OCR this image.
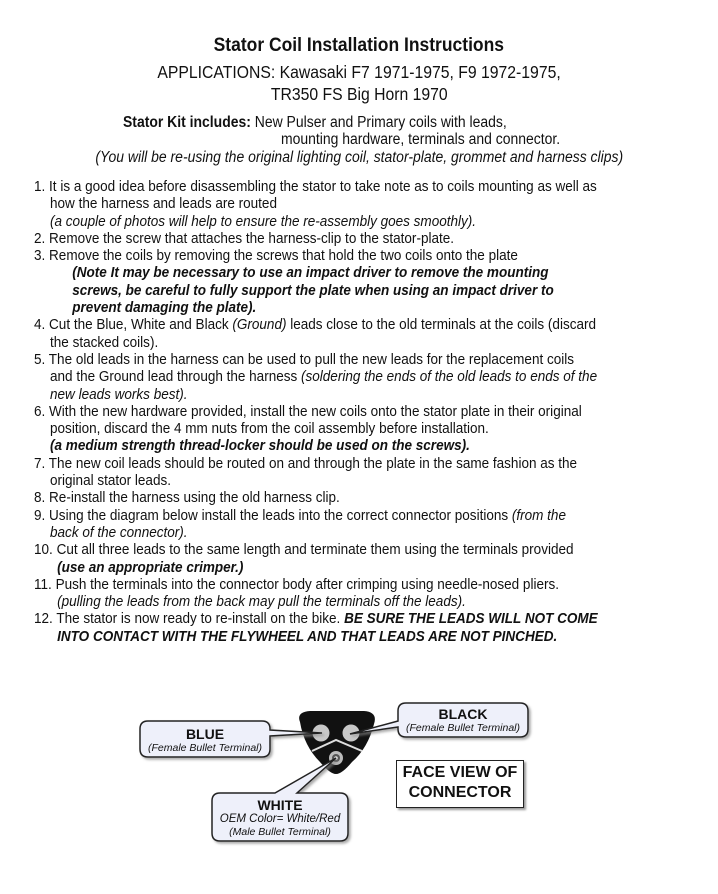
Stator Coil Installation Instructions
APPLICATIONS: Kawasaki F7 1971-1975, F9 1972-1975,
TR350 FS Big Horn 1970
Stator Kit includes: New Pulser and Primary coils with leads,
mounting hardware, terminals and connector.
(You will be re-using the original lighting coil, stator-plate, grommet and harness clips)
1. It is a good idea before disassembling the stator to take note as to coils mounting as well as
how the harness and leads are routed
(a couple of photos will help to ensure the re-assembly goes smoothly).
2. Remove the screw that attaches the harness-clip to the stator-plate.
3. Remove the coils by removing the screws that hold the two coils onto the plate
(Note It may be necessary to use an impact driver to remove the mounting
screws, be careful to fully support the plate when using an impact driver to
prevent damaging the plate).
4. Cut the Blue, White and Black (Ground) leads close to the old terminals at the coils (discard
the stacked coils).
5. The old leads in the harness can be used to pull the new leads for the replacement coils
and the Ground lead through the harness (soldering the ends of the old leads to ends of the
new leads works best).
6. With the new hardware provided, install the new coils onto the stator plate in their original
position, discard the 4 mm nuts from the coil assembly before installation.
(a medium strength thread-locker should be used on the screws).
7. The new coil leads should be routed on and through the plate in the same fashion as the
original stator leads.
8. Re-install the harness using the old harness clip.
9. Using the diagram below install the leads into the correct connector positions (from the
back of the connector).
10. Cut all three leads to the same length and terminate them using the terminals provided
(use an appropriate crimper.)
11. Push the terminals into the connector body after crimping using needle-nosed pliers.
(pulling the leads from the back may pull the terminals off the leads).
12. The stator is now ready to re-install on the bike. BE SURE THE LEADS WILL NOT COME
INTO CONTACT WITH THE FLYWHEEL AND THAT LEADS ARE NOT PINCHED.
BLUE
(Female Bullet Terminal)
BLACK
(Female Bullet Terminal)
WHITE
OEM Color= White/Red
(Male Bullet Terminal)
FACE VIEW OF
CONNECTOR
